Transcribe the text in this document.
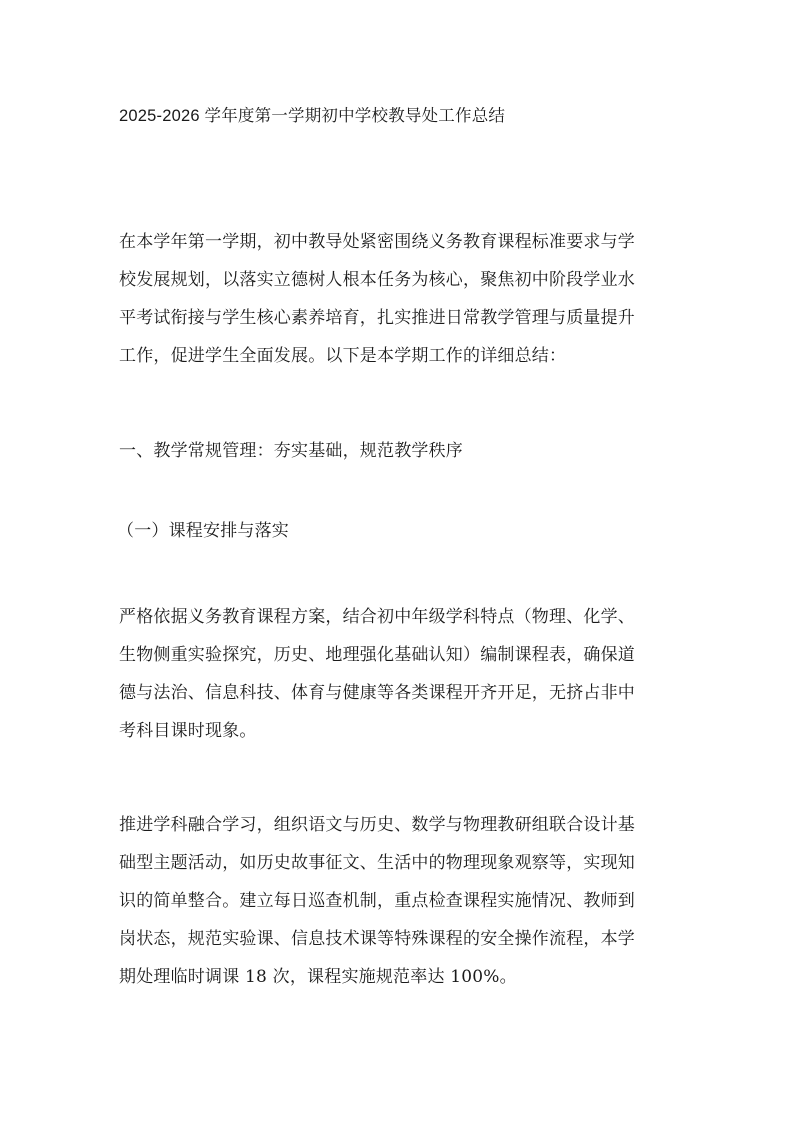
2025-2026 学年度第一学期初中学校教导处工作总结
在本学年第一学期，初中教导处紧密围绕义务教育课程标准要求与学
校发展规划，以落实立德树人根本任务为核心，聚焦初中阶段学业水
平考试衔接与学生核心素养培育，扎实推进日常教学管理与质量提升
工作，促进学生全面发展。以下是本学期工作的详细总结：
一、教学常规管理：夯实基础，规范教学秩序
（一）课程安排与落实
严格依据义务教育课程方案，结合初中年级学科特点（物理、化学、
生物侧重实验探究，历史、地理强化基础认知）编制课程表，确保道
德与法治、信息科技、体育与健康等各类课程开齐开足，无挤占非中
考科目课时现象。
推进学科融合学习，组织语文与历史、数学与物理教研组联合设计基
础型主题活动，如历史故事征文、生活中的物理现象观察等，实现知
识的简单整合。建立每日巡查机制，重点检查课程实施情况、教师到
岗状态，规范实验课、信息技术课等特殊课程的安全操作流程，本学
期处理临时调课 18 次，课程实施规范率达 100%。
